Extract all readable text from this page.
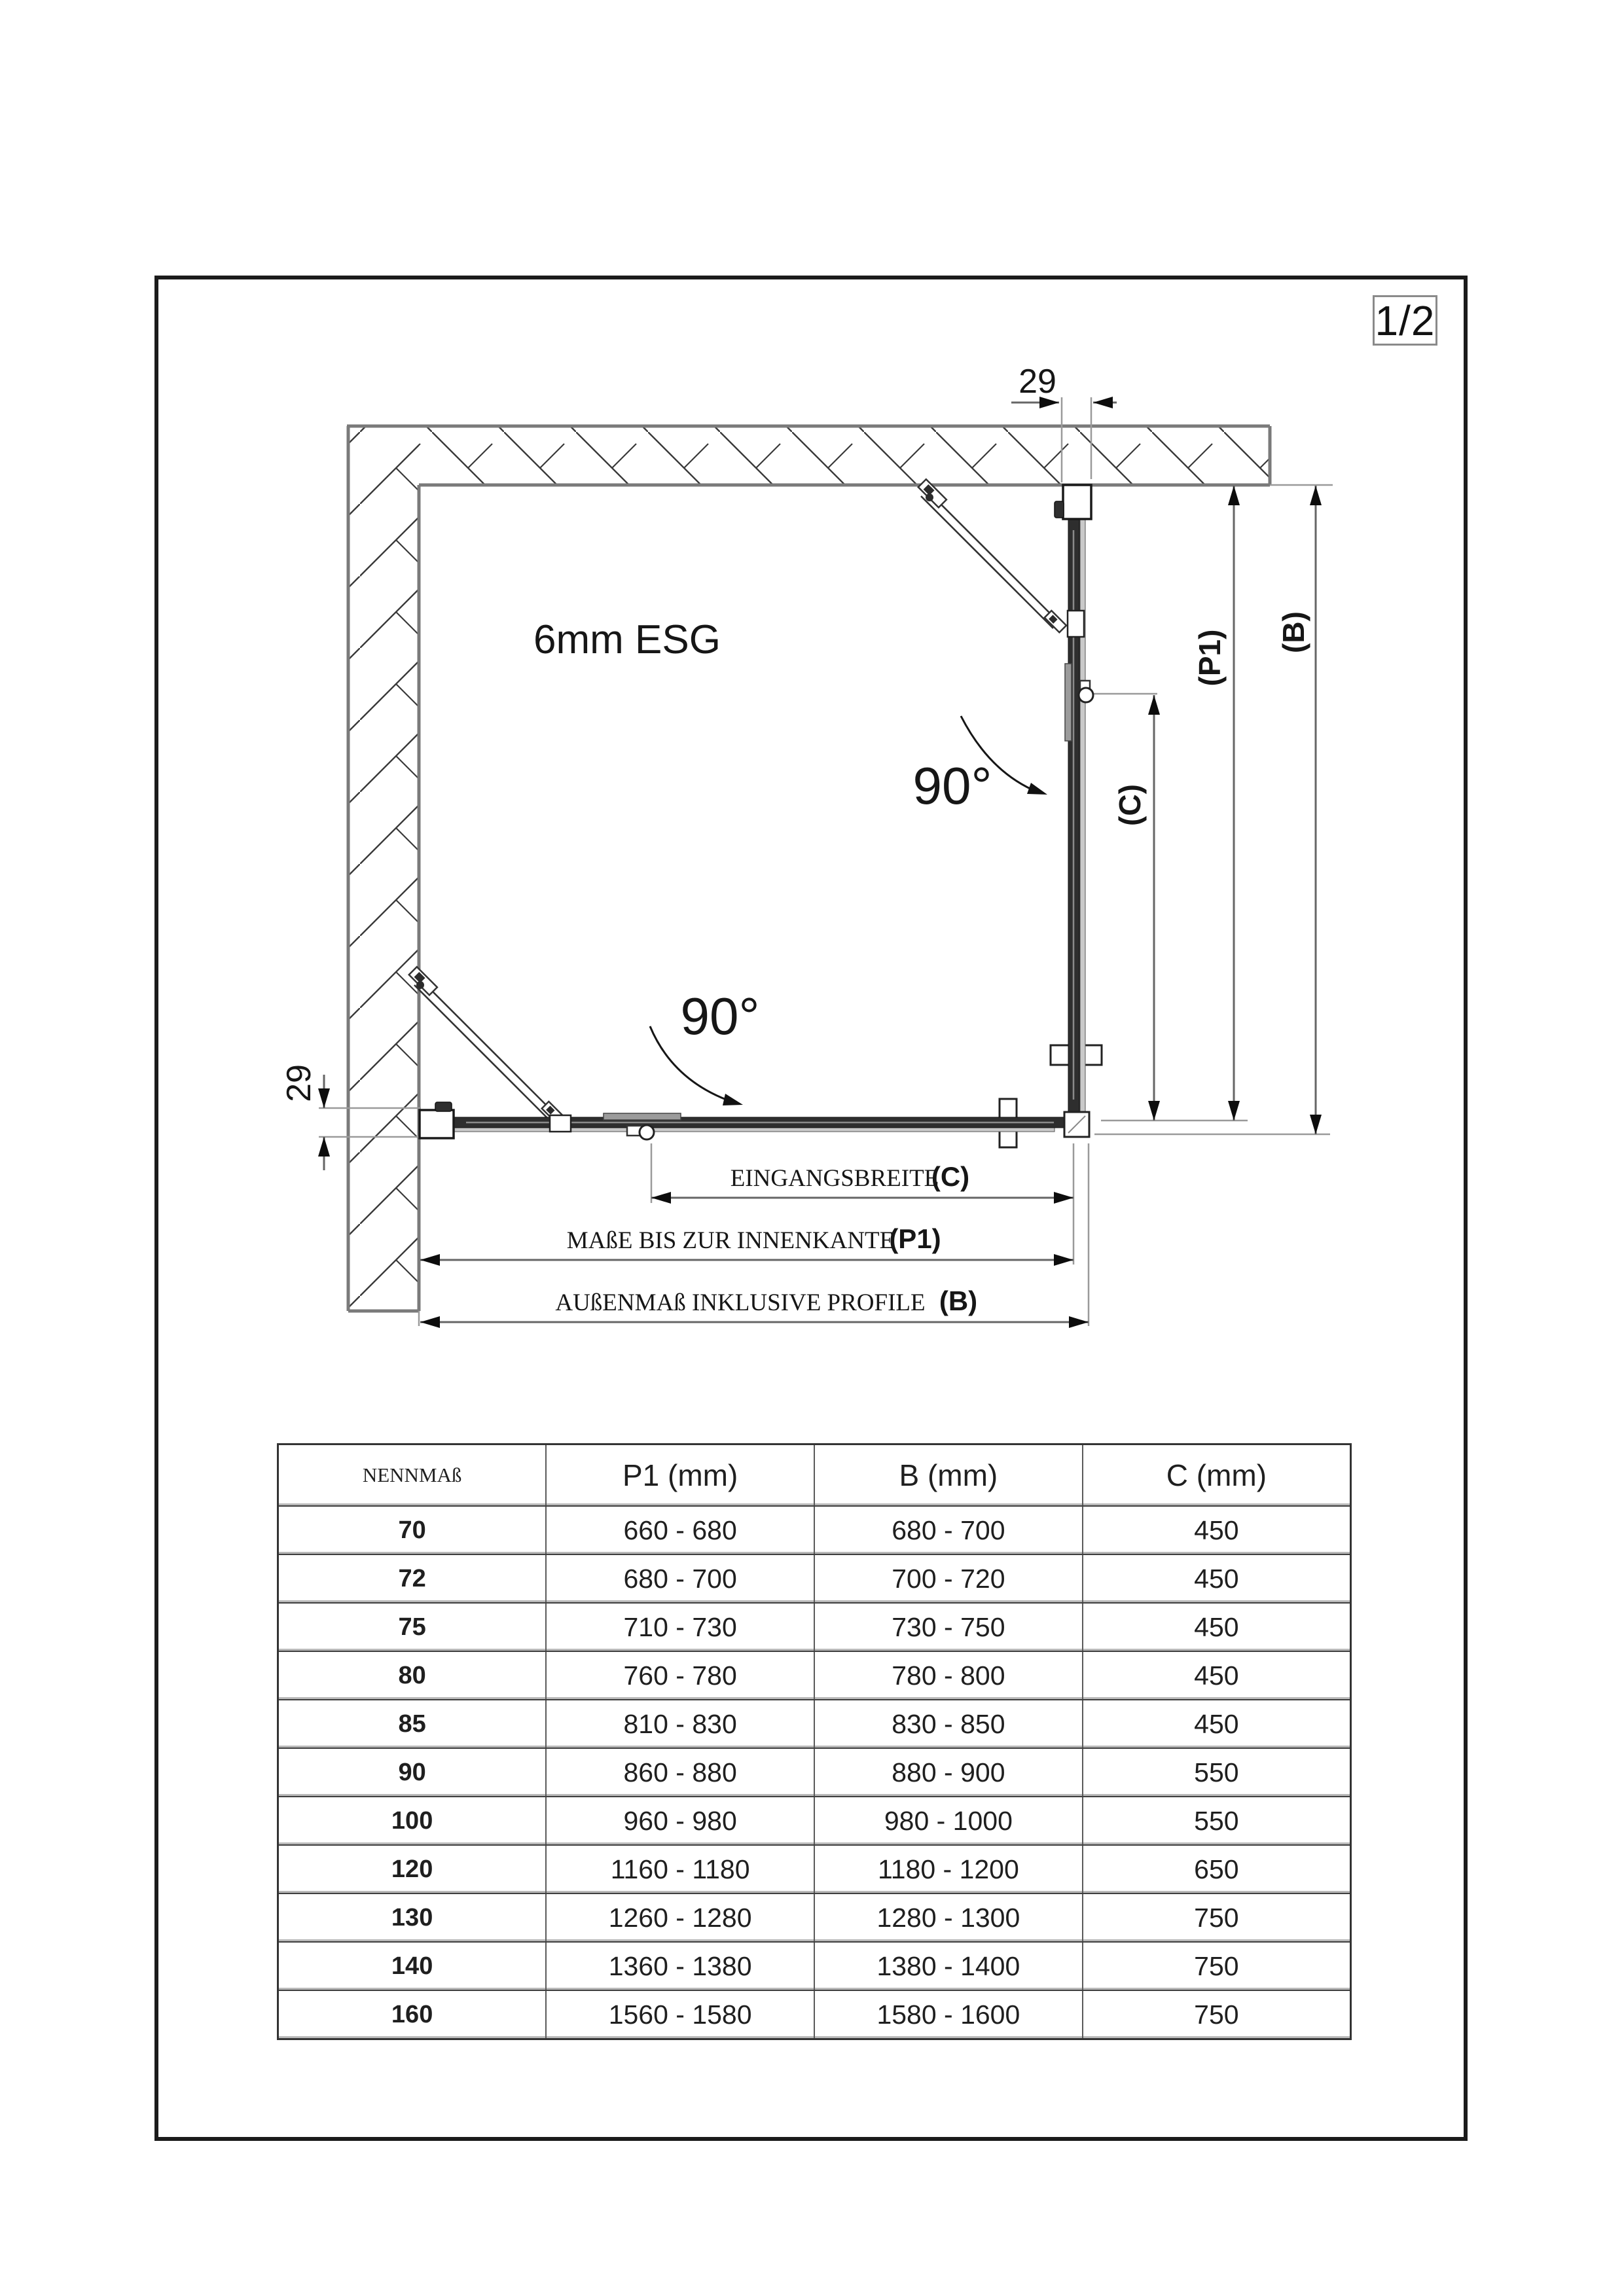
1/2
6mm ESG
90°
90°
29
29
(C)
(P1) (B)
EINGANGSBREITE
(C)
MAßE BIS ZUR INNENKANTE
(P1)
AUßENMAß INKLUSIVE PROFILE (B)
NENNMAß	P1 (mm)	B (mm)	C (mm)
70	660 - 680	680 - 700	450
72	680 - 700	700 - 720	450
75	710 - 730	730 - 750	450
80	760 - 780	780 - 800	450
85	810 - 830	830 - 850	450
90	860 - 880	880 - 900	550
100	960 - 980	980 - 1000	550
120	1160 - 1180	1180 - 1200	650
130	1260 - 1280	1280 - 1300	750
140	1360 - 1380	1380 - 1400	750
160	1560 - 1580	1580 - 1600	750
